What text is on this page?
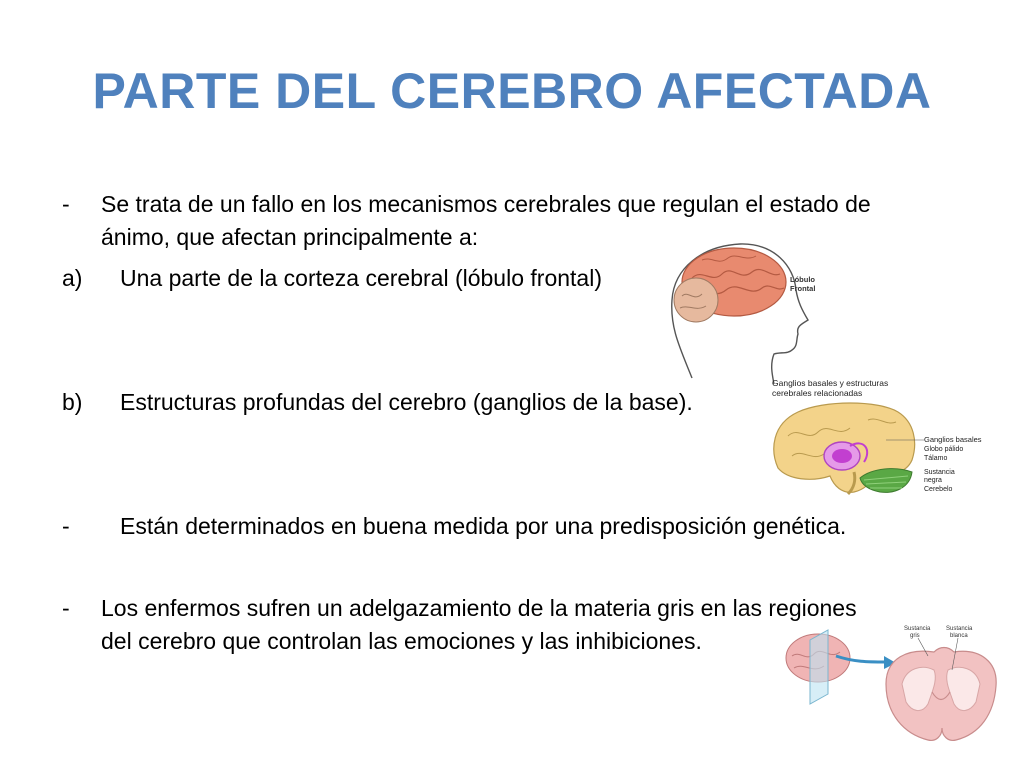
PARTE DEL CEREBRO AFECTADA
- Se trata de un fallo en los mecanismos cerebrales que regulan el estado de
ánimo, que afectan principalmente a:
a) Una parte de la corteza cerebral (lóbulo frontal)
b) Estructuras profundas del cerebro (ganglios de la base).
- Están determinados en buena medida por una predisposición genética.
- Los enfermos sufren un adelgazamiento de la materia gris en las regiones
del cerebro que controlan las emociones y las inhibiciones.
Lóbulo
Frontal
Ganglios basales y estructuras
cerebrales relacionadas
Ganglios basales
Globo pálido
Tálamo
Sustancia
negra
Cerebelo
Sustancia
gris
Sustancia
blanca
